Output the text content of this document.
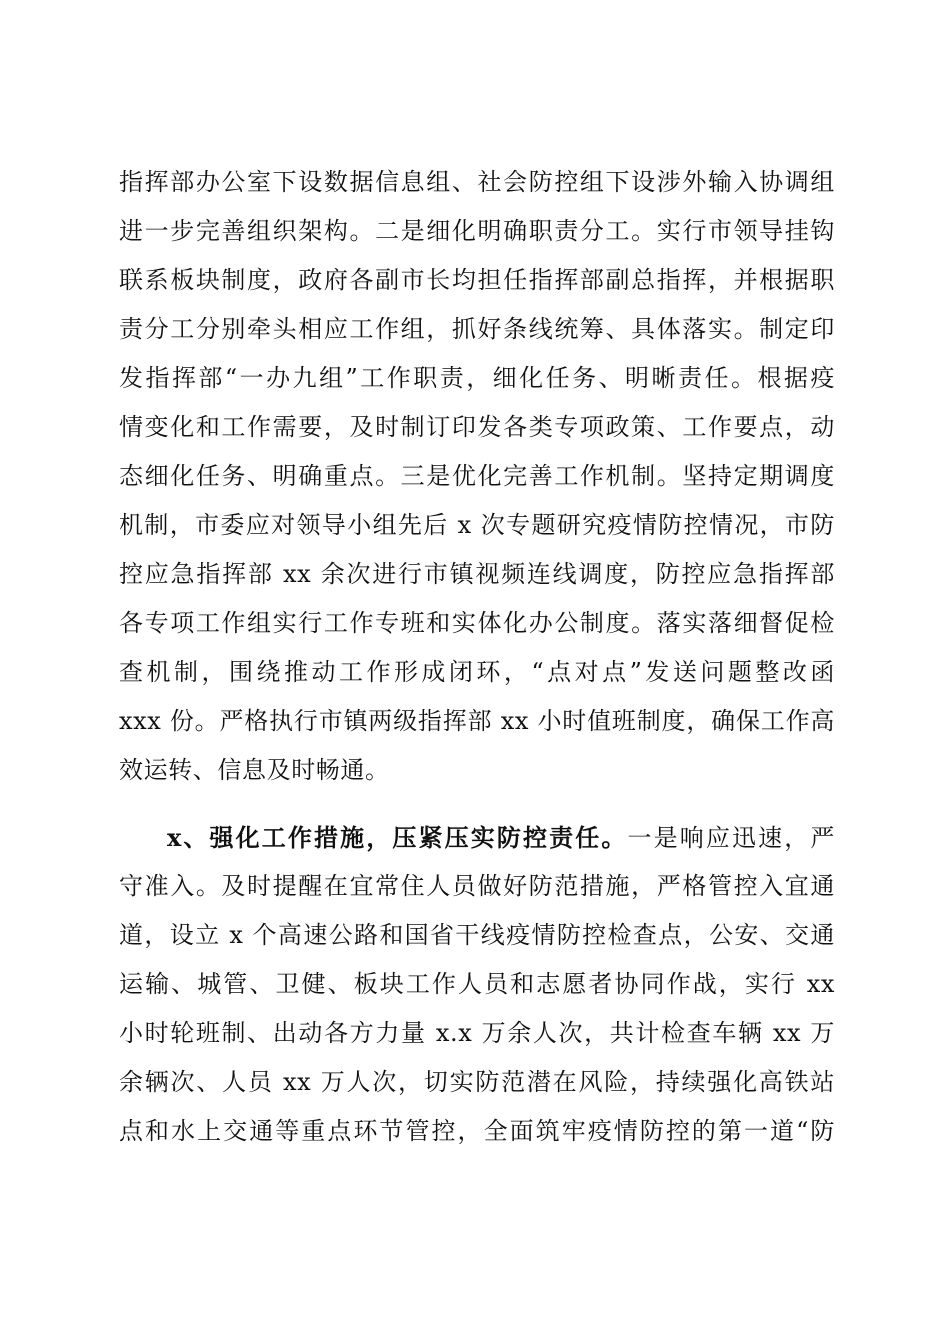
指挥部办公室下设数据信息组、社会防控组下设涉外输入协调组
进一步完善组织架构。二是细化明确职责分工。实行市领导挂钩
联系板块制度，政府各副市长均担任指挥部副总指挥，并根据职
责分工分别牵头相应工作组，抓好条线统筹、具体落实。制定印
发指挥部“一办九组”工作职责，细化任务、明晰责任。根据疫
情变化和工作需要，及时制订印发各类专项政策、工作要点，动
态细化任务、明确重点。三是优化完善工作机制。坚持定期调度
机制，市委应对领导小组先后 x 次专题研究疫情防控情况，市防
控应急指挥部 xx 余次进行市镇视频连线调度，防控应急指挥部
各专项工作组实行工作专班和实体化办公制度。落实落细督促检
查机制，围绕推动工作形成闭环，“点对点”发送问题整改函
xxx 份。严格执行市镇两级指挥部 xx 小时值班制度，确保工作高
效运转、信息及时畅通。
x、强化工作措施，压紧压实防控责任。一是响应迅速，严
守准入。及时提醒在宜常住人员做好防范措施，严格管控入宜通
道，设立 x 个高速公路和国省干线疫情防控检查点，公安、交通
运输、城管、卫健、板块工作人员和志愿者协同作战，实行 xx
小时轮班制、出动各方力量 x.x 万余人次，共计检查车辆 xx 万
余辆次、人员 xx 万人次，切实防范潜在风险，持续强化高铁站
点和水上交通等重点环节管控，全面筑牢疫情防控的第一道“防
